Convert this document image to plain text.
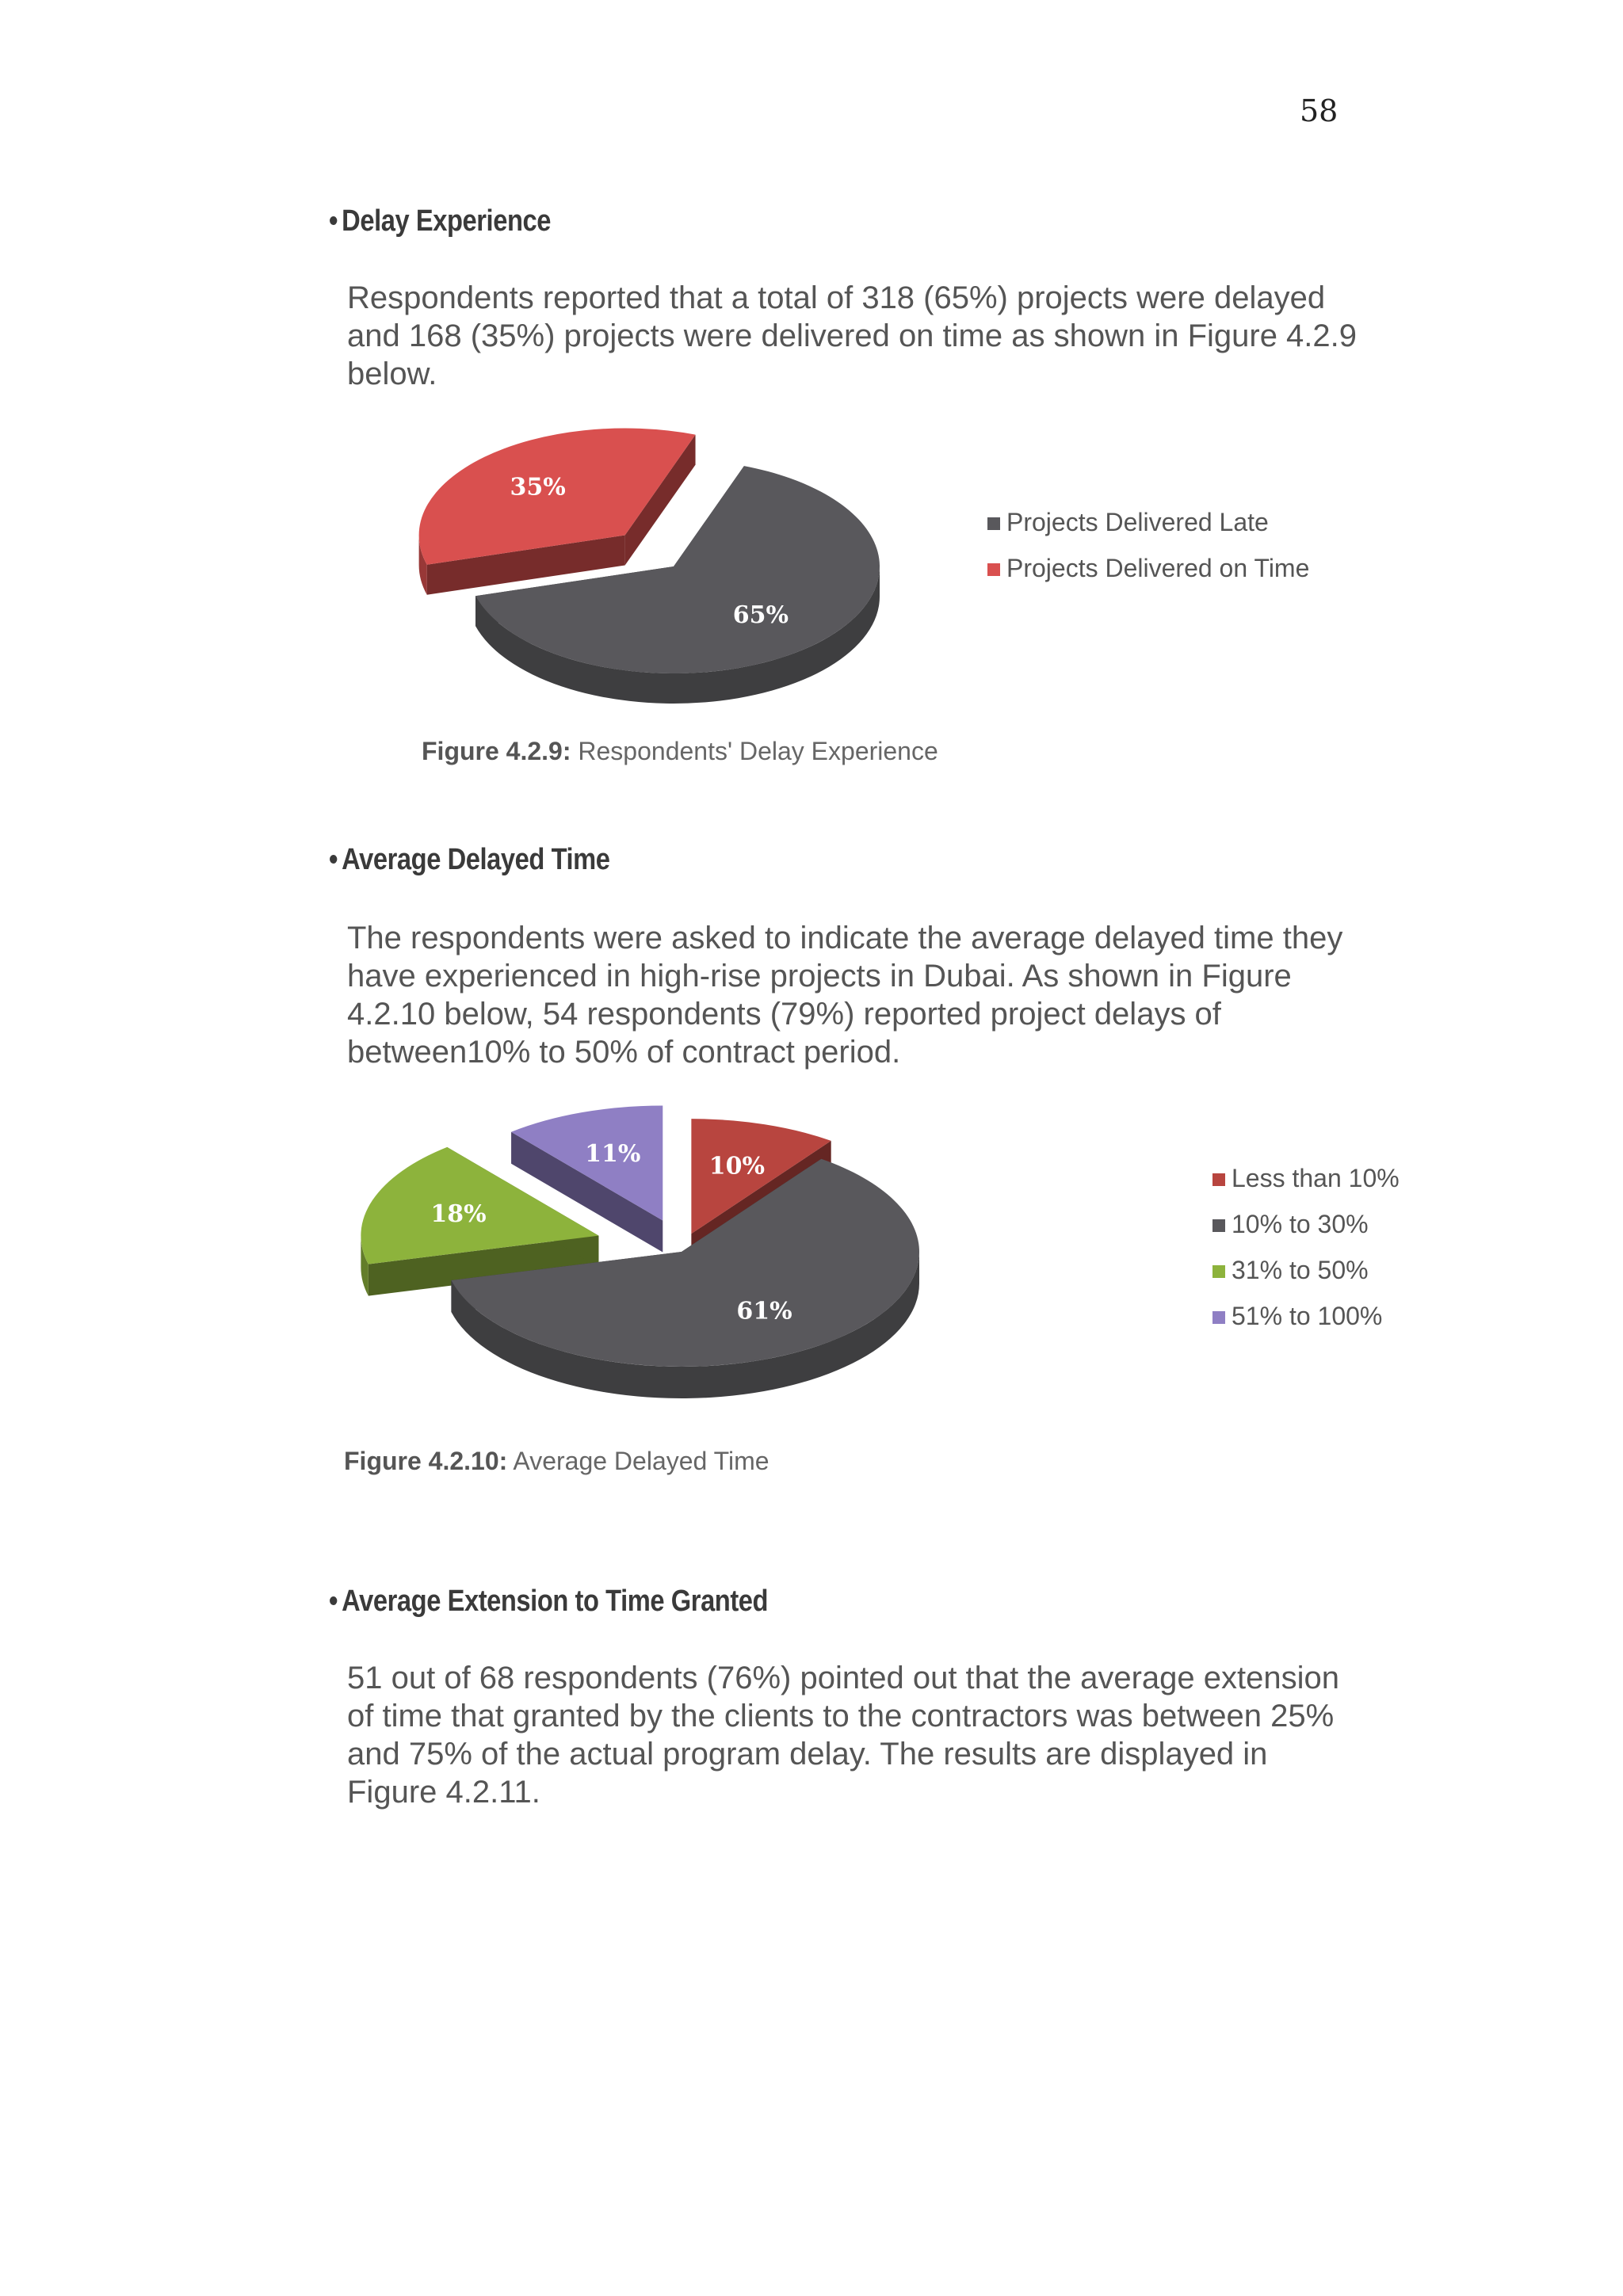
58
• Delay Experience

Respondents reported that a total of 318 (65%) projects were delayed
and 168 (35%) projects were delivered on time as shown in Figure 4.2.9
below.

35%
65%
Projects Delivered Late
Projects Delivered on Time
Figure 4.2.9: Respondents' Delay Experience
• Average Delayed Time

The respondents were asked to indicate the average delayed time they
have experienced in high-rise projects in Dubai. As shown in Figure
4.2.10 below, 54 respondents (79%) reported project delays of
between10% to 50% of contract period.

10%
11%
18%
61%
Less than 10%
10% to 30%
31% to 50%
51% to 100%
Figure 4.2.10: Average Delayed Time
• Average Extension to Time Granted

51 out of 68 respondents (76%) pointed out that the average extension
of time that granted by the clients to the contractors was between 25%
and 75% of the actual program delay. The results are displayed in
Figure 4.2.11.
